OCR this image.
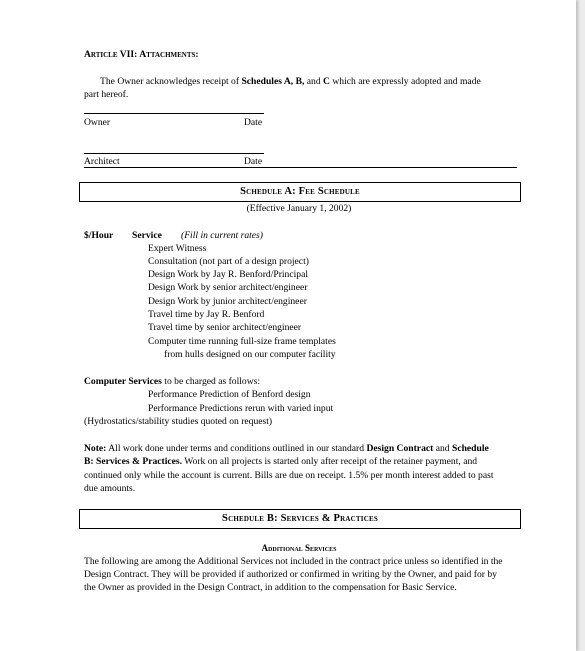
Article VII: Attachments:
The Owner acknowledges receipt of Schedules A, B, and C which are expressly adopted and made
part hereof.
Owner	Date
Architect	Date
Schedule A: Fee Schedule
(Effective January 1, 2002)
$/Hour Service (Fill in current rates)
Expert Witness
Consultation (not part of a design project)
Design Work by Jay R. Benford/Principal
Design Work by senior architect/engineer
Design Work by junior architect/engineer
Travel time by Jay R. Benford
Travel time by senior architect/engineer
Computer time running full-size frame templates
from hulls designed on our computer facility
Computer Services to be charged as follows:
Performance Prediction of Benford design
Performance Predictions rerun with varied input
(Hydrostatics/stability studies quoted on request)
Note: All work done under terms and conditions outlined in our standard Design Contract and Schedule
B: Services & Practices. Work on all projects is started only after receipt of the retainer payment, and
continued only while the account is current. Bills are due on receipt. 1.5% per month interest added to past
due amounts.
Schedule B: Services & Practices
Additional Services
The following are among the Additional Services not included in the contract price unless so identified in the
Design Contract. They will be provided if authorized or confirmed in writing by the Owner, and paid for by
the Owner as provided in the Design Contract, in addition to the compensation for Basic Service.
